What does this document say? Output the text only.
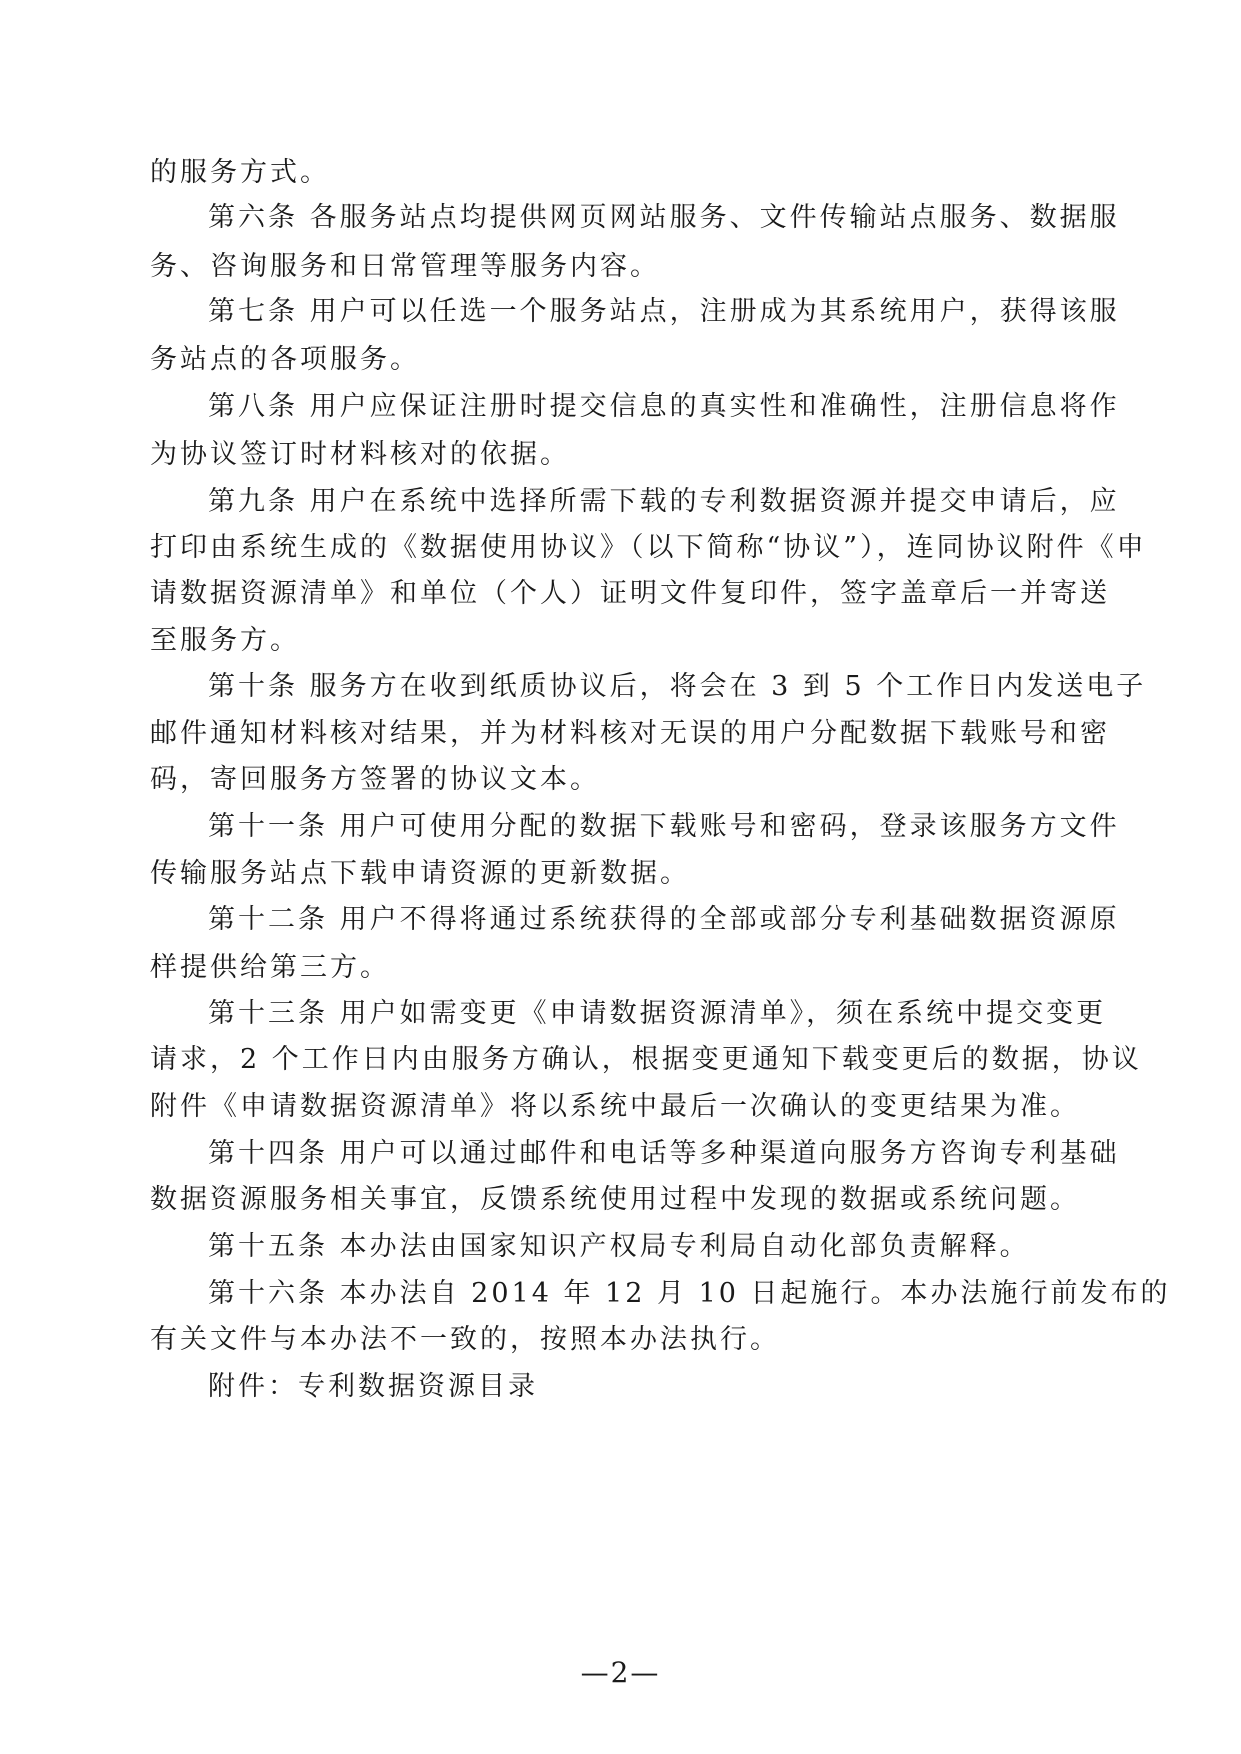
的服务方式。
第六条 各服务站点均提供网页网站服务、文件传输站点服务、数据服
务、咨询服务和日常管理等服务内容。
第七条 用户可以任选一个服务站点，注册成为其系统用户，获得该服
务站点的各项服务。
第八条 用户应保证注册时提交信息的真实性和准确性，注册信息将作
为协议签订时材料核对的依据。
第九条 用户在系统中选择所需下载的专利数据资源并提交申请后，应
打印由系统生成的《数据使用协议》（以下简称“协议”），连同协议附件《申
请数据资源清单》和单位（个人）证明文件复印件，签字盖章后一并寄送
至服务方。
第十条 服务方在收到纸质协议后，将会在 3 到 5 个工作日内发送电子
邮件通知材料核对结果，并为材料核对无误的用户分配数据下载账号和密
码，寄回服务方签署的协议文本。
第十一条 用户可使用分配的数据下载账号和密码，登录该服务方文件
传输服务站点下载申请资源的更新数据。
第十二条 用户不得将通过系统获得的全部或部分专利基础数据资源原
样提供给第三方。
第十三条 用户如需变更《申请数据资源清单》，须在系统中提交变更
请求，2 个工作日内由服务方确认，根据变更通知下载变更后的数据，协议
附件《申请数据资源清单》将以系统中最后一次确认的变更结果为准。
第十四条 用户可以通过邮件和电话等多种渠道向服务方咨询专利基础
数据资源服务相关事宜，反馈系统使用过程中发现的数据或系统问题。
第十五条 本办法由国家知识产权局专利局自动化部负责解释。
第十六条 本办法自 2014 年 12 月 10 日起施行。本办法施行前发布的
有关文件与本办法不一致的，按照本办法执行。
附件：专利数据资源目录
—2—
